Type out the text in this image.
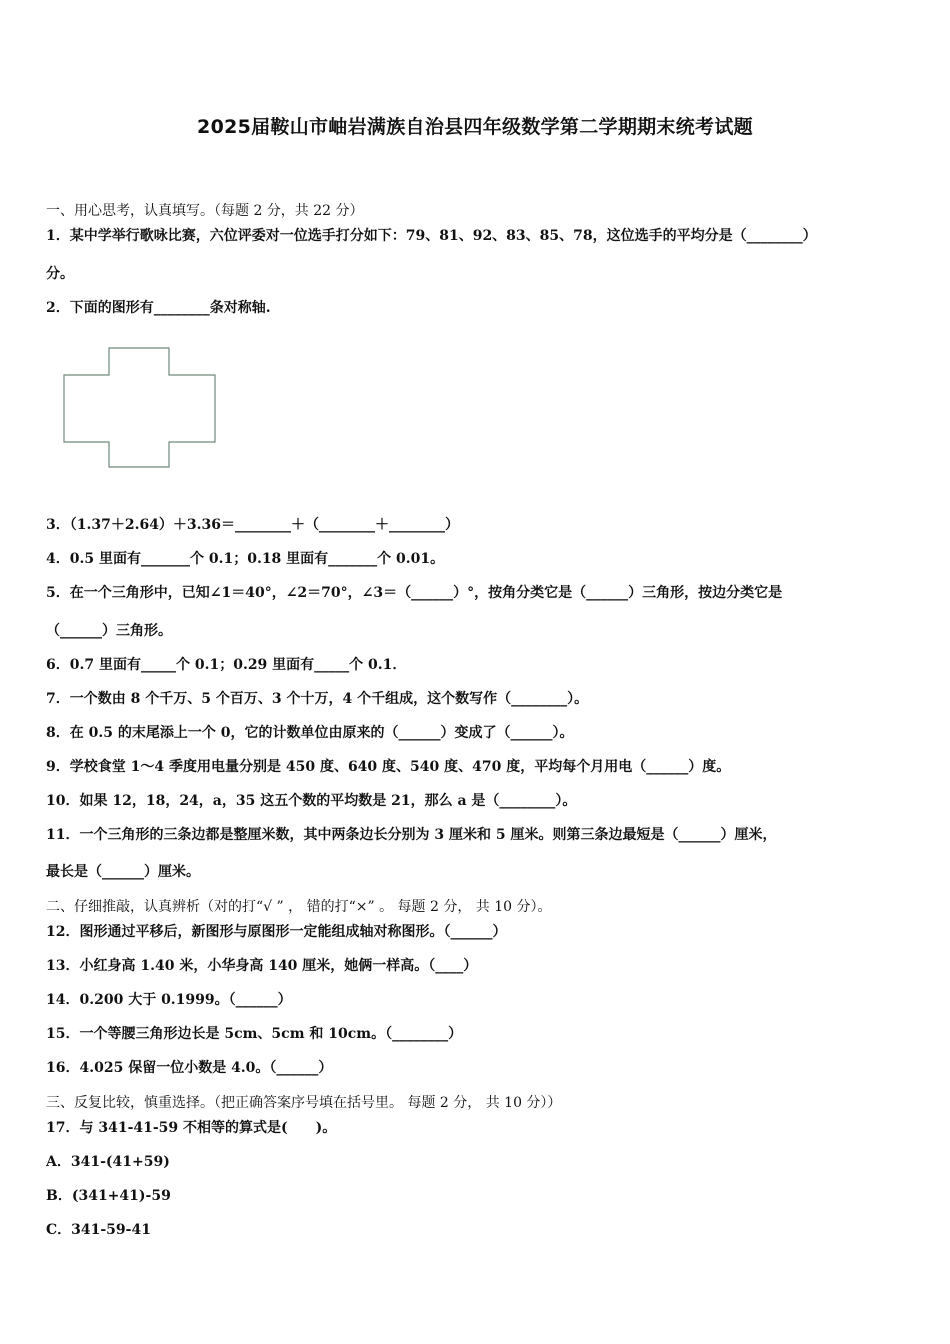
2025届鞍山市岫岩满族自治县四年级数学第二学期期末统考试题
一、用心思考，认真填写。（每题 2 分，共 22 分）
1．某中学举行歌咏比赛，六位评委对一位选手打分如下：79、81、92、83、85、78，这位选手的平均分是（________）
分。
2．下面的图形有________条对称轴.
3．（1.37＋2.64）＋3.36＝________＋（________＋________）
4．0.5 里面有_______个 0.1；0.18 里面有_______个 0.01。
5．在一个三角形中，已知∠1＝40°，∠2＝70°，∠3＝（______）°，按角分类它是（______）三角形，按边分类它是
（______）三角形。
6．0.7 里面有_____个 0.1；0.29 里面有_____个 0.1．
7．一个数由 8 个千万、5 个百万、3 个十万，4 个千组成，这个数写作（________）。
8．在 0.5 的末尾添上一个 0，它的计数单位由原来的（______）变成了（______）。
9．学校食堂 1～4 季度用电量分别是 450 度、640 度、540 度、470 度，平均每个月用电（______）度。
10．如果 12，18，24，a，35 这五个数的平均数是 21，那么 a 是（________）。
11．一个三角形的三条边都是整厘米数，其中两条边长分别为 3 厘米和 5 厘米。则第三条边最短是（______）厘米，
最长是（______）厘米。
二、仔细推敲，认真辨析（对的打“√ ” ， 错的打“×” 。 每题 2 分， 共 10 分）。
12．图形通过平移后，新图形与原图形一定能组成轴对称图形。（______）
13．小红身高 1.40 米，小华身高 140 厘米，她俩一样高。（____）
14．0.200 大于 0.1999。（______）
15．一个等腰三角形边长是 5cm、5cm 和 10cm。（________）
16．4.025 保留一位小数是 4.0。（______）
三、反复比较，慎重选择。（把正确答案序号填在括号里。 每题 2 分， 共 10 分））
17．与 341-41-59 不相等的算式是(　　)。
A．341-(41+59)
B．(341+41)-59
C．341-59-41
